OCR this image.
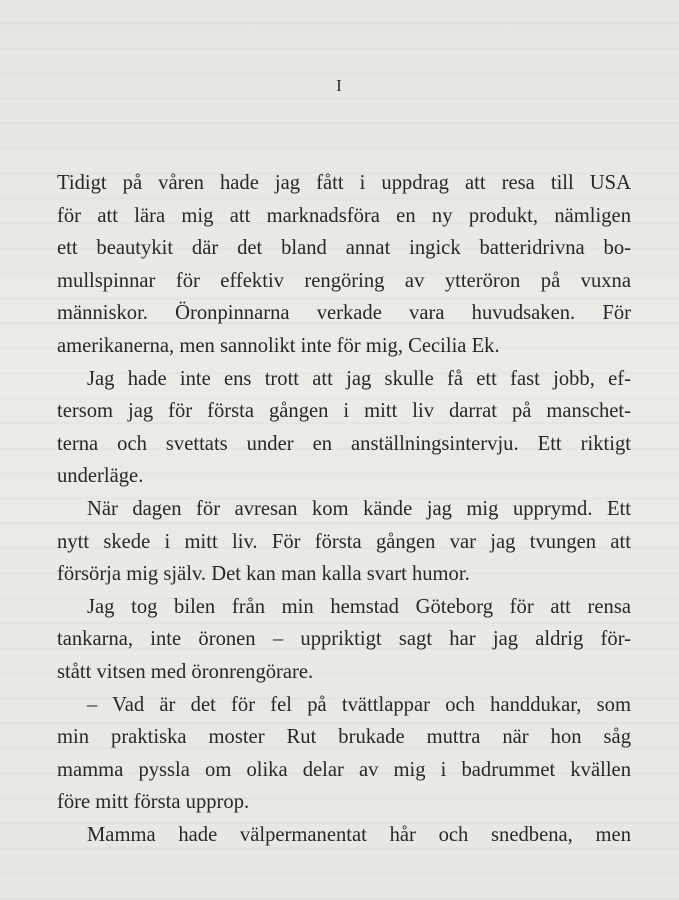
I
Tidigt på våren hade jag fått i uppdrag att resa till USA
för att lära mig att marknadsföra en ny produkt, nämligen
ett beautykit där det bland annat ingick batteridrivna bo-
mullspinnar för effektiv rengöring av ytteröron på vuxna
människor. Öronpinnarna verkade vara huvudsaken. För
amerikanerna, men sannolikt inte för mig, Cecilia Ek.
Jag hade inte ens trott att jag skulle få ett fast jobb, ef-
tersom jag för första gången i mitt liv darrat på manschet-
terna och svettats under en anställningsintervju. Ett riktigt
underläge.
När dagen för avresan kom kände jag mig upprymd. Ett
nytt skede i mitt liv. För första gången var jag tvungen att
försörja mig själv. Det kan man kalla svart humor.
Jag tog bilen från min hemstad Göteborg för att rensa
tankarna, inte öronen – uppriktigt sagt har jag aldrig för-
stått vitsen med öronrengörare.
– Vad är det för fel på tvättlappar och handdukar, som
min praktiska moster Rut brukade muttra när hon såg
mamma pyssla om olika delar av mig i badrummet kvällen
före mitt första upprop.
Mamma hade välpermanentat hår och snedbena, men
